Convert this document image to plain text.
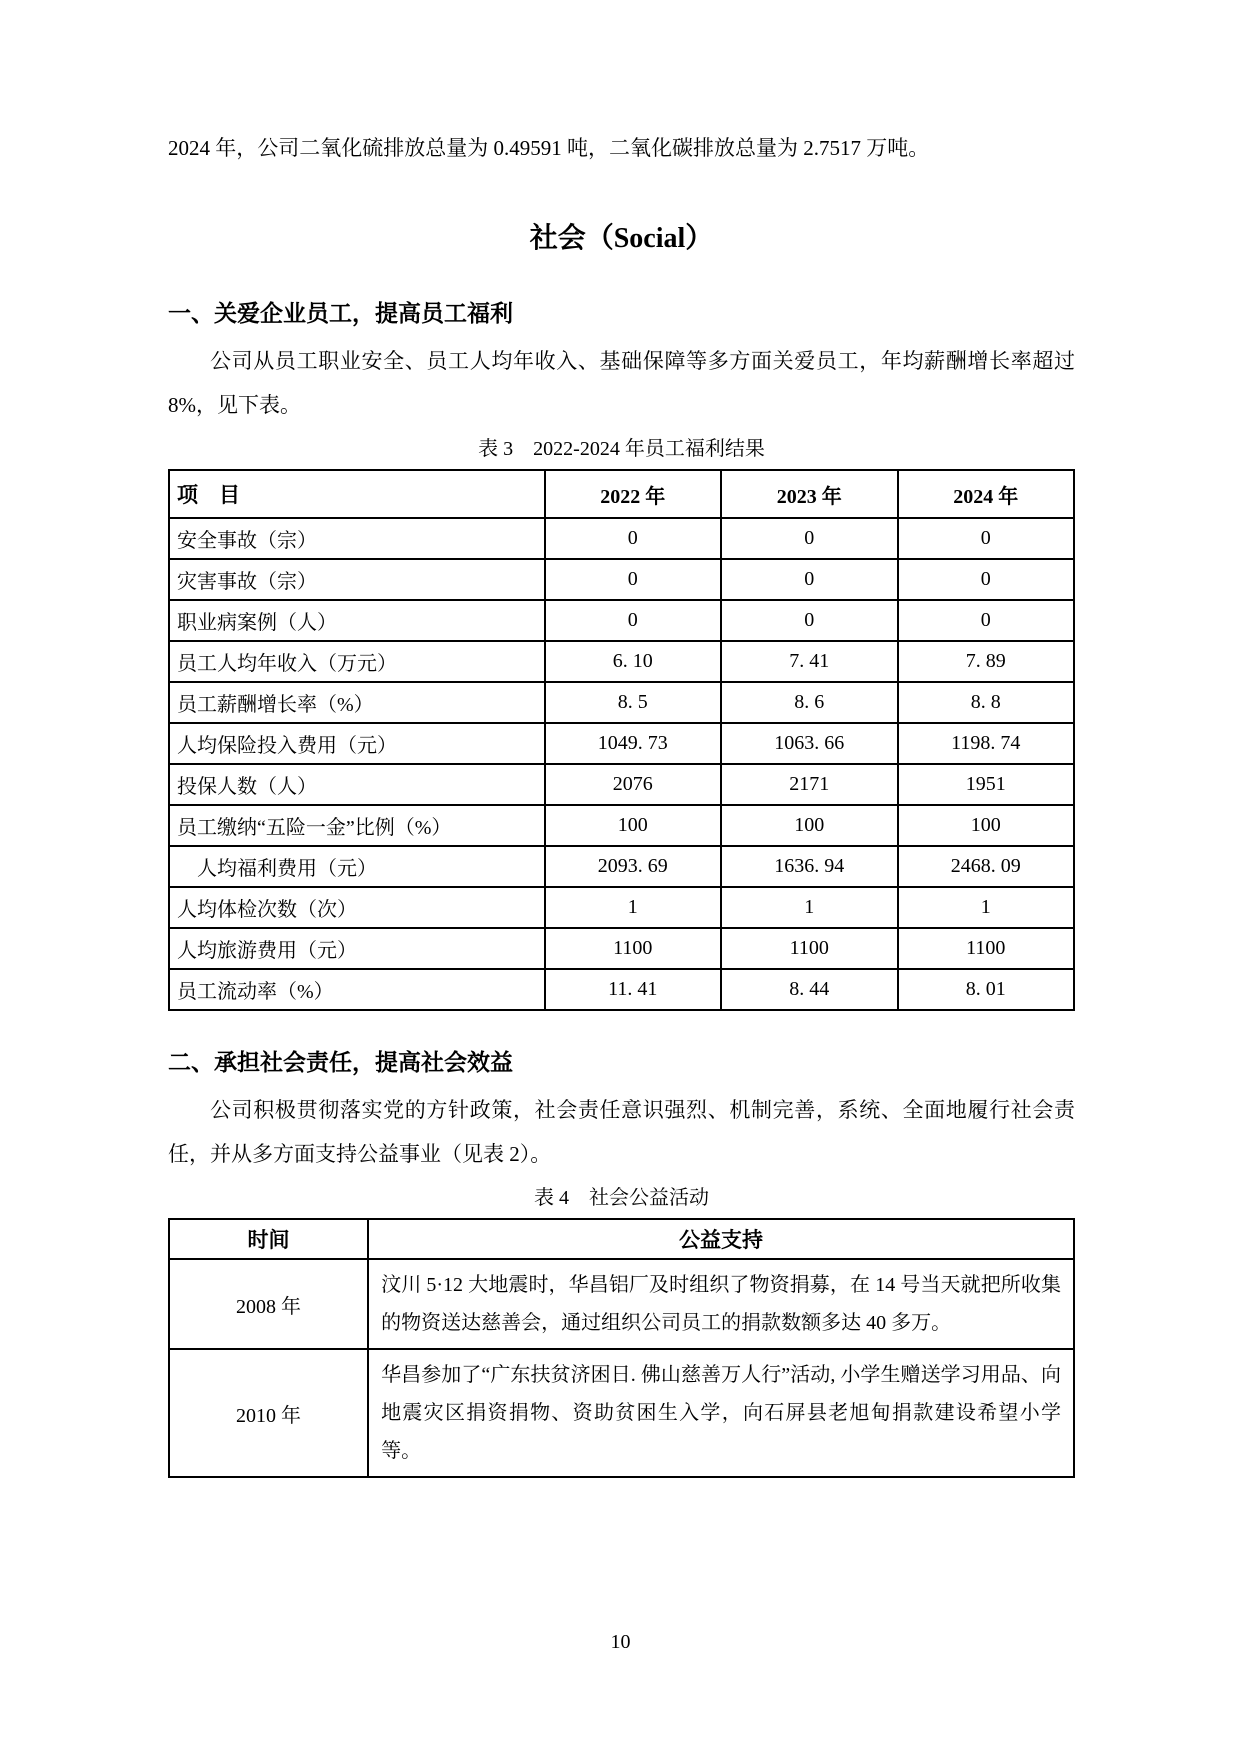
2024 年，公司二氧化硫排放总量为 0.49591 吨，二氧化碳排放总量为 2.7517 万吨。

社会（Social）
一、关爱企业员工，提高员工福利

公司从员工职业安全、员工人均年收入、基础保障等多方面关爱员工，年均薪酬增长率超过 8%，见下表。

表 3　2022-2024 年员工福利结果
项　目	2022 年	2023 年	2024 年
安全事故（宗）	0	0	0
灾害事故（宗）	0	0	0
职业病案例（人）	0	0	0
员工人均年收入（万元）	6. 10	7. 41	7. 89
员工薪酬增长率（%）	8. 5	8. 6	8. 8
人均保险投入费用（元）	1049. 73	1063. 66	1198. 74
投保人数（人）	2076	2171	1951
员工缴纳“五险一金”比例（%）	100	100	100
　人均福利费用（元）	2093. 69	1636. 94	2468. 09
人均体检次数（次）	1	1	1
人均旅游费用（元）	1100	1100	1100
员工流动率（%）	11. 41	8. 44	8. 01
二、承担社会责任，提高社会效益

公司积极贯彻落实党的方针政策，社会责任意识强烈、机制完善，系统、全面地履行社会责任，并从多方面支持公益事业（见表 2）。

表 4　社会公益活动
时间	公益支持
2008 年	汶川 5·12 大地震时，华昌铝厂及时组织了物资捐募，在 14 号当天就把所收集的物资送达慈善会，通过组织公司员工的捐款数额多达 40 多万。
2010 年	华昌参加了“广东扶贫济困日. 佛山慈善万人行”活动, 小学生赠送学习用品、向地震灾区捐资捐物、资助贫困生入学，向石屏县老旭甸捐款建设希望小学等。
10
